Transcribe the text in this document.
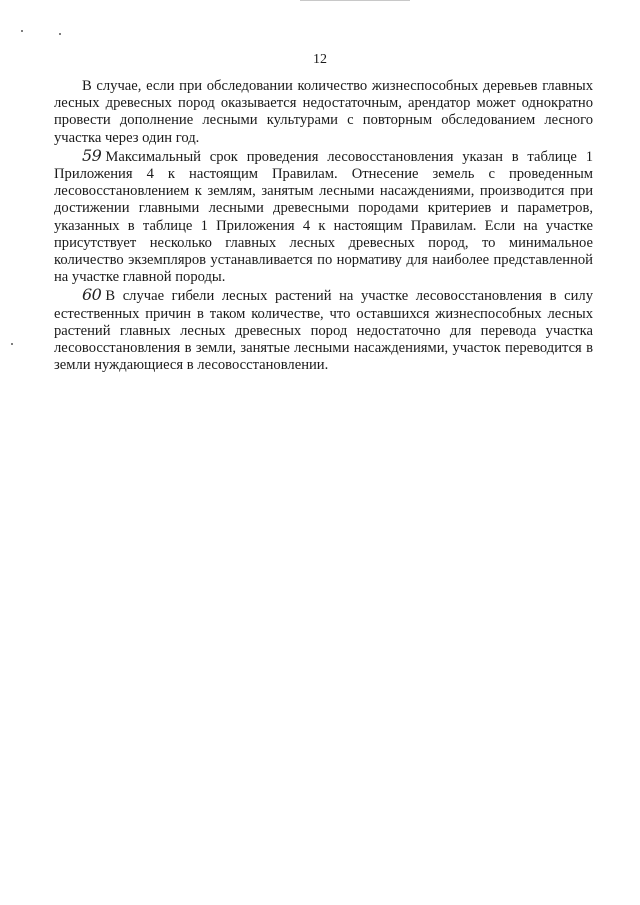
12

В случае, если при обследовании количество жизнеспособных деревьев главных лесных древесных пород оказывается недостаточным, арендатор может однократно провести дополнение лесными культурами с повторным обследованием лесного участка через один год.

59 Максимальный срок проведения лесовосстановления указан в таблице 1 Приложения 4 к настоящим Правилам. Отнесение земель с проведенным лесовосстановлением к землям, занятым лесными насаждениями, производится при достижении главными лесными древесными породами критериев и параметров, указанных в таблице 1 Приложения 4 к настоящим Правилам. Если на участке присутствует несколько главных лесных древесных пород, то минимальное количество экземпляров устанавливается по нормативу для наиболее представленной на участке главной породы.

60 В случае гибели лесных растений на участке лесовосстановления в силу естественных причин в таком количестве, что оставшихся жизнеспособных лесных растений главных лесных древесных пород недостаточно для перевода участка лесовосстановления в земли, занятые лесными насаждениями, участок переводится в земли нуждающиеся в лесовосстановлении.
